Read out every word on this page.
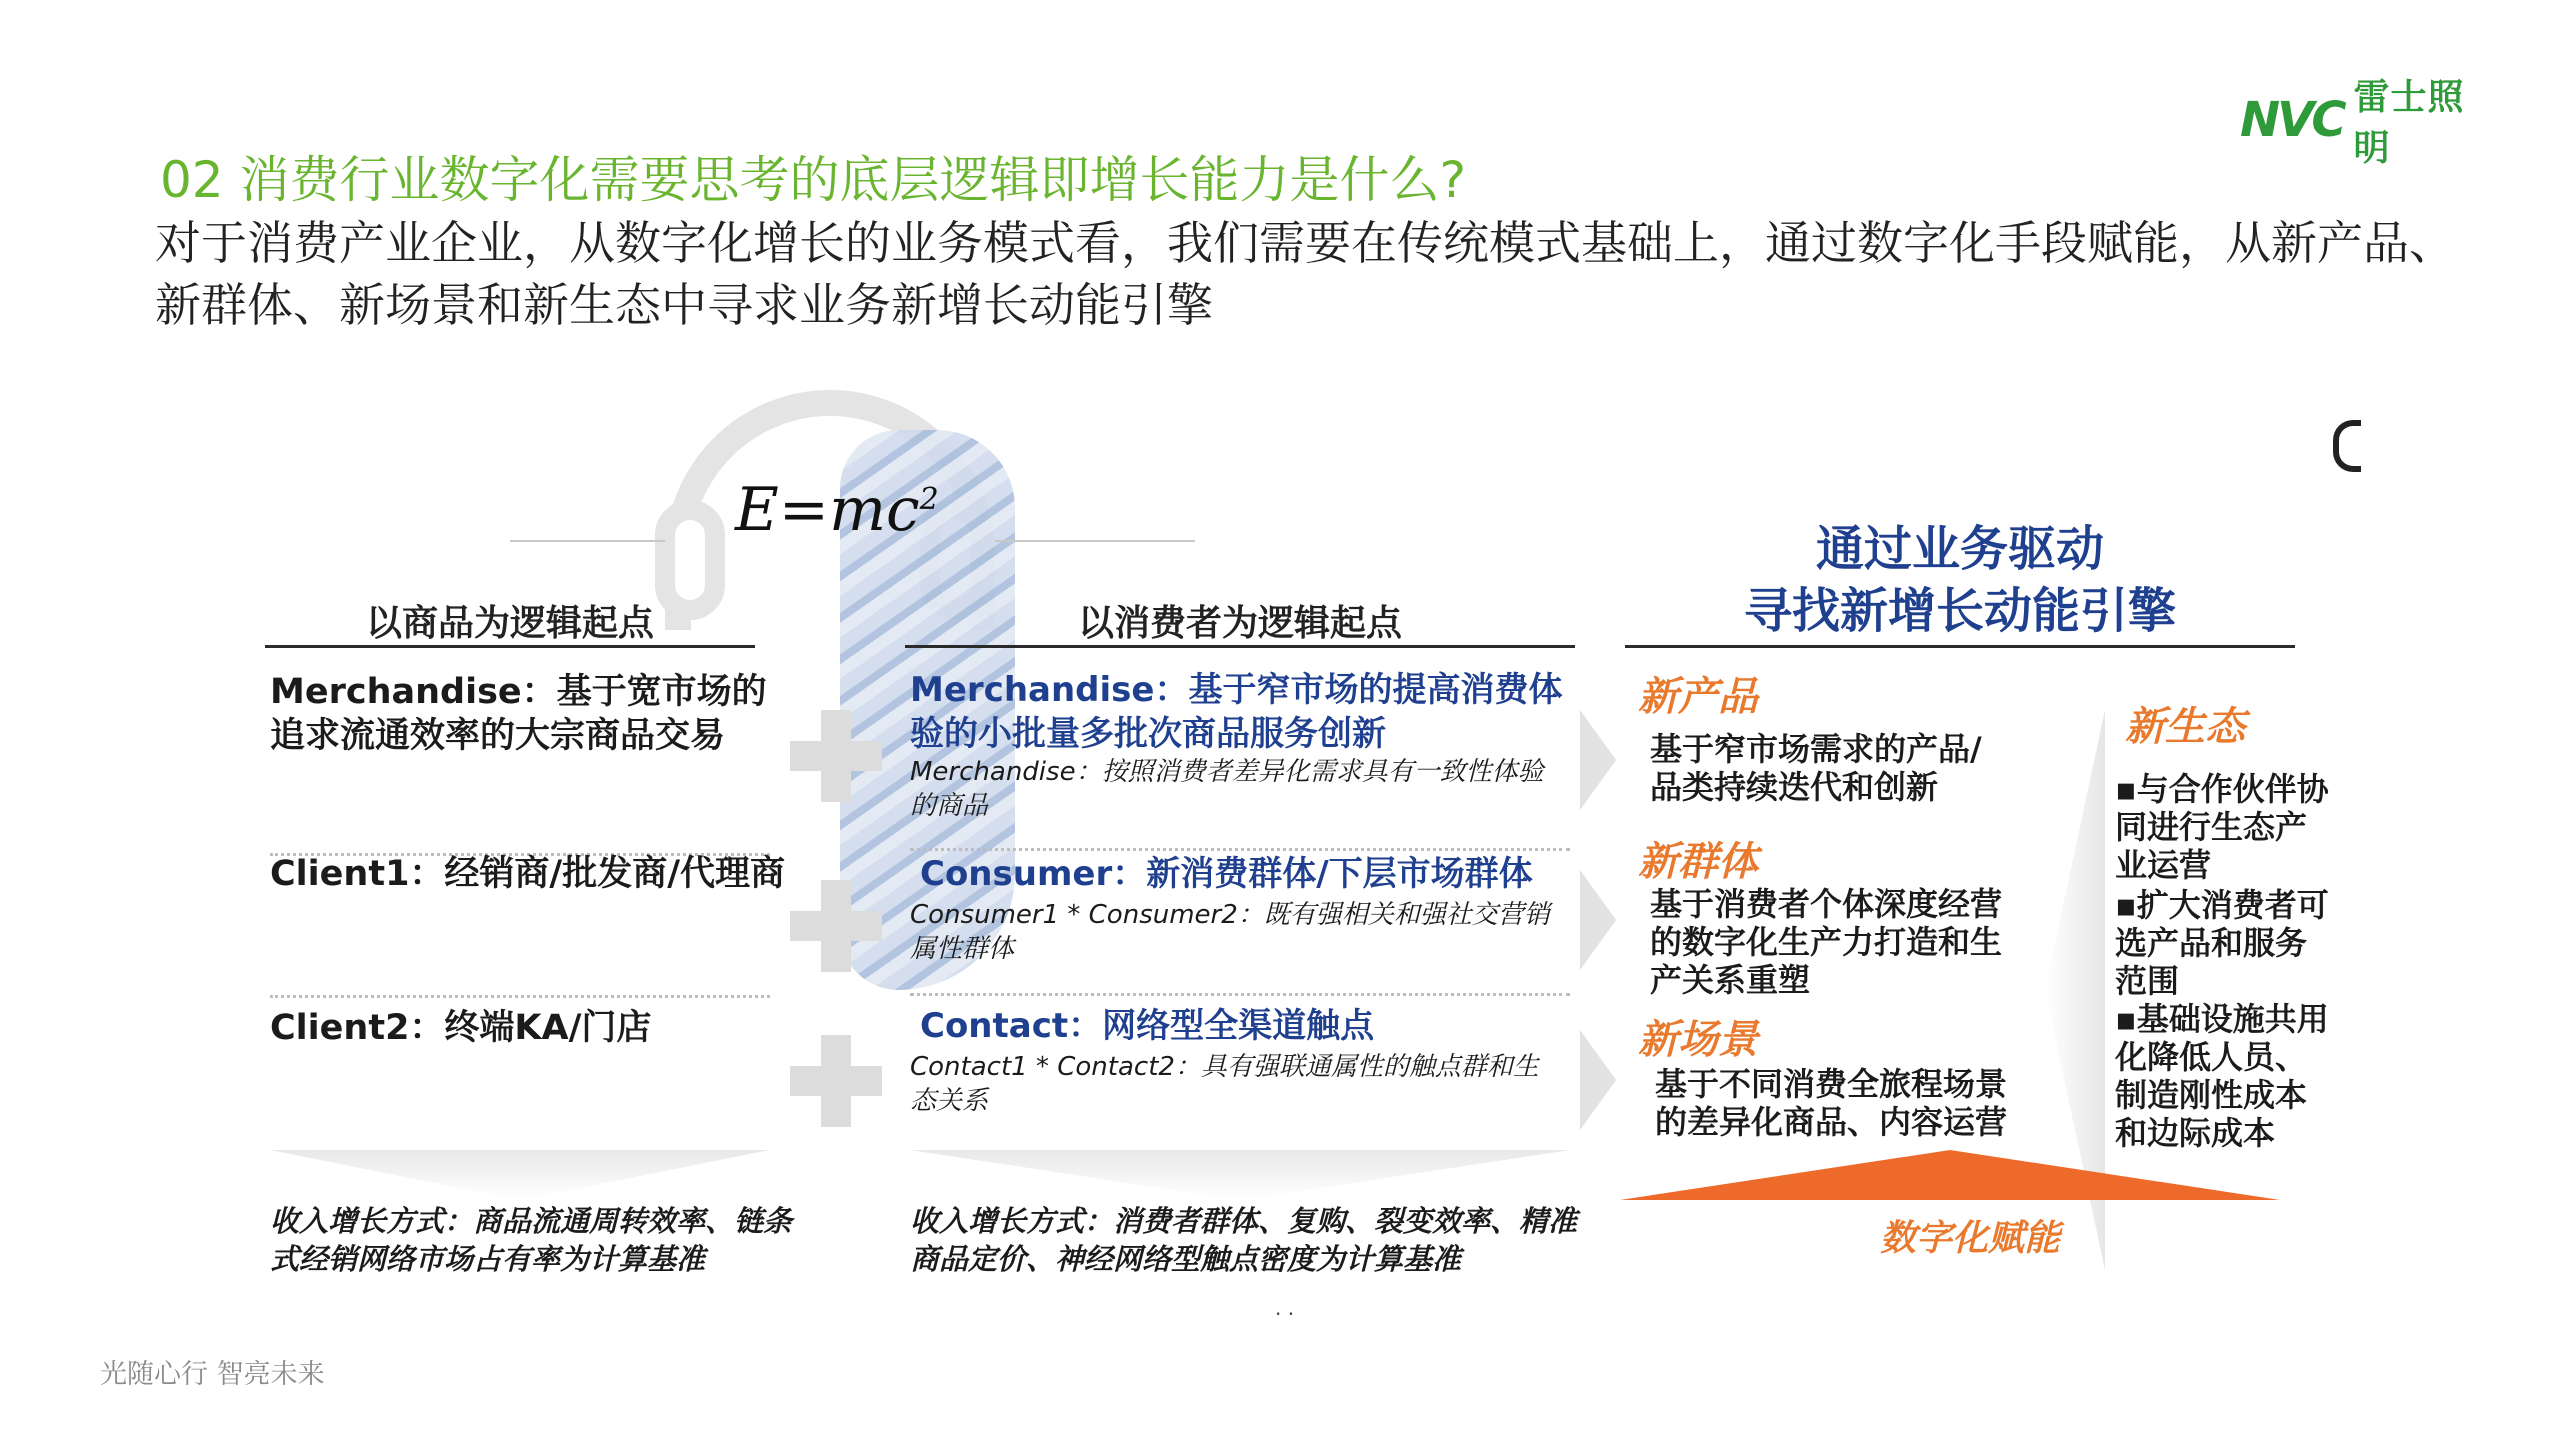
NVC 雷士照明
02 消费行业数字化需要思考的底层逻辑即增长能力是什么?
对于消费产业企业，从数字化增长的业务模式看，我们需要在传统模式基础上，通过数字化手段赋能，从新产品、新群体、新场景和新生态中寻求业务新增长动能引擎
$E=mc^2$
以商品为逻辑起点
Merchandise：基于宽市场的追求流通效率的大宗商品交易
Client1：经销商/批发商/代理商
Client2：终端KA/门店
收入增长方式：商品流通周转效率、链条式经销网络市场占有率为计算基准
以消费者为逻辑起点
Merchandise：基于窄市场的提高消费体验的小批量多批次商品服务创新
Merchandise：按照消费者差异化需求具有一致性体验的商品
Consumer：新消费群体/下层市场群体
Consumer1 * Consumer2：既有强相关和强社交营销属性群体
Contact：网络型全渠道触点
Contact1 * Contact2：具有强联通属性的触点群和生态关系
收入增长方式：消费者群体、复购、裂变效率、精准商品定价、神经网络型触点密度为计算基准
通过业务驱动
寻找新增长动能引擎
新产品
基于窄市场需求的产品/品类持续迭代和创新
新群体
基于消费者个体深度经营的数字化生产力打造和生产关系重塑
新场景
基于不同消费全旅程场景的差异化商品、内容运营
新生态
▪与合作伙伴协同进行生态产业运营
▪扩大消费者可选产品和服务范围
▪基础设施共用化降低人员、制造刚性成本和边际成本
数字化赋能
. .
光随心行 智亮未来
